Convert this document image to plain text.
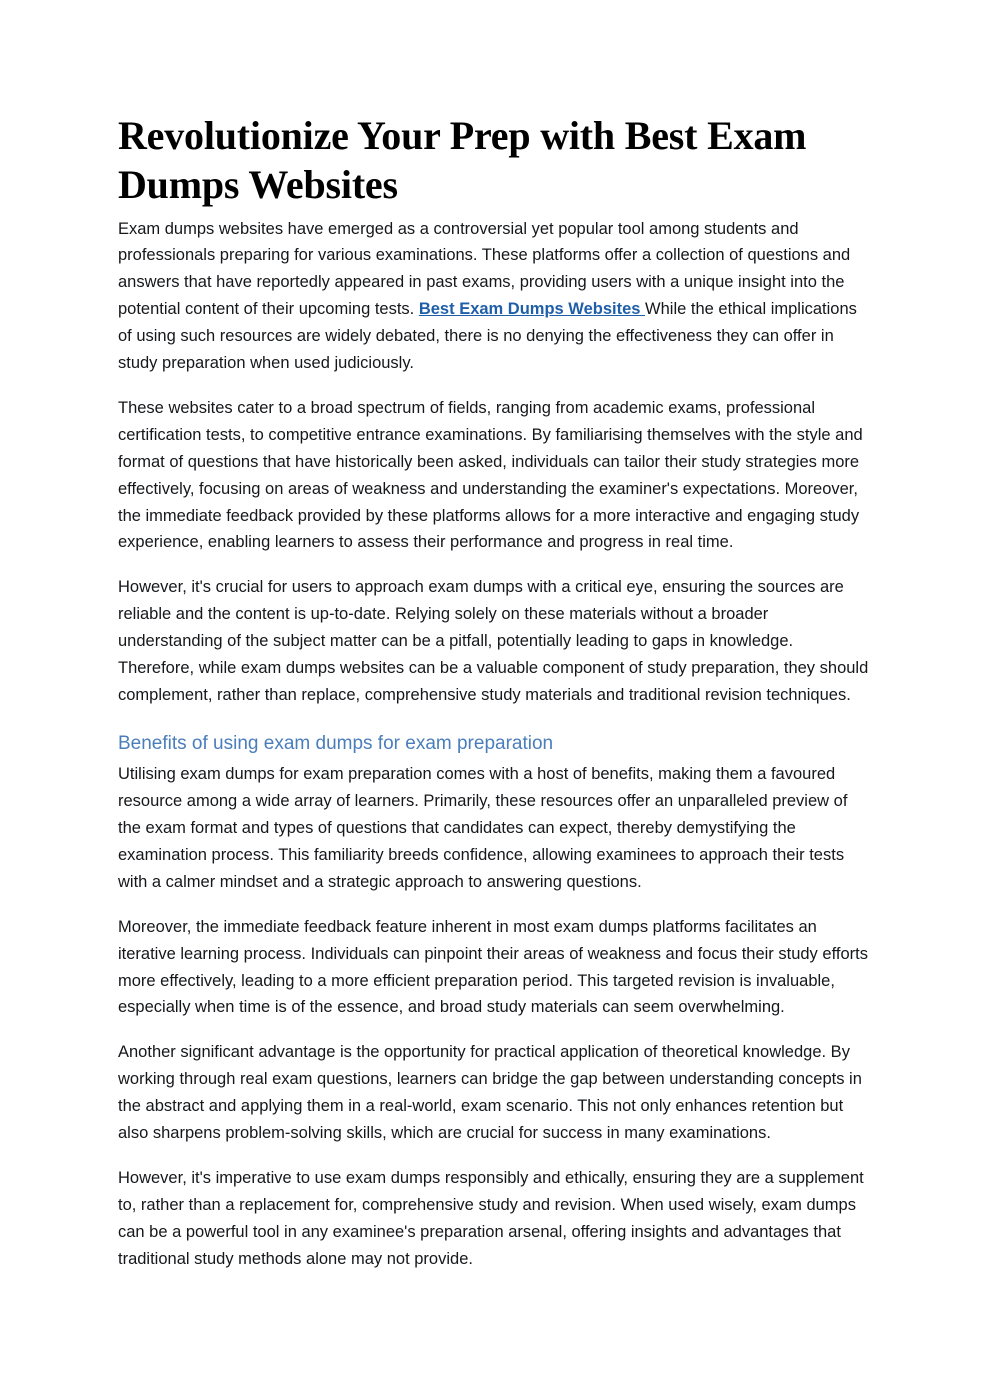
Revolutionize Your Prep with Best Exam Dumps Websites

Exam dumps websites have emerged as a controversial yet popular tool among students and professionals preparing for various examinations. These platforms offer a collection of questions and answers that have reportedly appeared in past exams, providing users with a unique insight into the potential content of their upcoming tests. Best Exam Dumps Websites While the ethical implications of using such resources are widely debated, there is no denying the effectiveness they can offer in study preparation when used judiciously.

These websites cater to a broad spectrum of fields, ranging from academic exams, professional certification tests, to competitive entrance examinations. By familiarising themselves with the style and format of questions that have historically been asked, individuals can tailor their study strategies more effectively, focusing on areas of weakness and understanding the examiner's expectations. Moreover, the immediate feedback provided by these platforms allows for a more interactive and engaging study experience, enabling learners to assess their performance and progress in real time.

However, it's crucial for users to approach exam dumps with a critical eye, ensuring the sources are reliable and the content is up-to-date. Relying solely on these materials without a broader understanding of the subject matter can be a pitfall, potentially leading to gaps in knowledge. Therefore, while exam dumps websites can be a valuable component of study preparation, they should complement, rather than replace, comprehensive study materials and traditional revision techniques.

Benefits of using exam dumps for exam preparation

Utilising exam dumps for exam preparation comes with a host of benefits, making them a favoured resource among a wide array of learners. Primarily, these resources offer an unparalleled preview of the exam format and types of questions that candidates can expect, thereby demystifying the examination process. This familiarity breeds confidence, allowing examinees to approach their tests with a calmer mindset and a strategic approach to answering questions.

Moreover, the immediate feedback feature inherent in most exam dumps platforms facilitates an iterative learning process. Individuals can pinpoint their areas of weakness and focus their study efforts more effectively, leading to a more efficient preparation period. This targeted revision is invaluable, especially when time is of the essence, and broad study materials can seem overwhelming.

Another significant advantage is the opportunity for practical application of theoretical knowledge. By working through real exam questions, learners can bridge the gap between understanding concepts in the abstract and applying them in a real-world, exam scenario. This not only enhances retention but also sharpens problem-solving skills, which are crucial for success in many examinations.

However, it's imperative to use exam dumps responsibly and ethically, ensuring they are a supplement to, rather than a replacement for, comprehensive study and revision. When used wisely, exam dumps can be a powerful tool in any examinee's preparation arsenal, offering insights and advantages that traditional study methods alone may not provide.
